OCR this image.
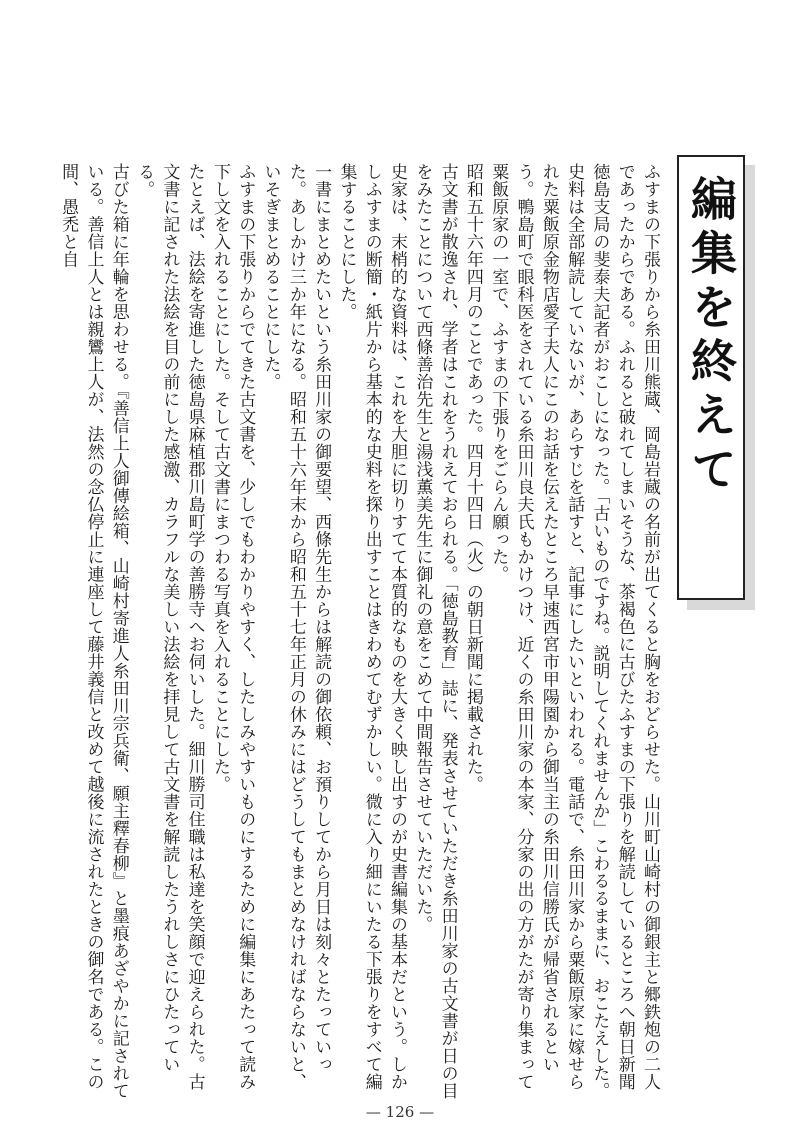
編集を終えて

ふすまの下張りから糸田川熊蔵、岡島岩蔵の名前が出てくると胸をおどらせた。山川町山崎村の御銀主と郷鉄炮の二人であったからである。ふれると破れてしまいそうな、茶褐色に古びたふすまの下張りを解読しているところへ朝日新聞徳島支局の斐泰夫記者がおこしになった。「古いものですね。説明してくれませんか」こわるるままに、おこたえした。

史料は全部解読していないが、あらすじを話すと、記事にしたいといわれる。電話で、糸田川家から粟飯原家に嫁せられた粟飯原金物店愛子夫人にこのお話を伝えたところ早速西宮市甲陽園から御当主の糸田川信勝氏が帰省されるという。鴨島町で眼科医をされている糸田川良夫氏もかけつけ、近くの糸田川家の本家、分家の出の方がたが寄り集まって粟飯原家の一室で、ふすまの下張りをごらん願った。

昭和五十六年四月のことであった。四月十四日（火）の朝日新聞に掲載された。

古文書が散逸され、学者はこれをうれえておられる。「徳島教育」誌に、発表させていただき糸田川家の古文書が日の目をみたことについて西條善治先生と湯浅薫美先生に御礼の意をこめて中間報告させていただいた。

史家は、末梢的な資料は、これを大胆に切りすてて本質的なものを大きく映し出すのが史書編集の基本だという。しかしふすまの断簡・紙片から基本的な史料を探り出すことはきわめてむずかしい。微に入り細にいたる下張りをすべて編集することにした。

一書にまとめたいという糸田川家の御要望、西條先生からは解読の御依頼、お預りしてから月日は刻々とたっていった。あしかけ三か年になる。昭和五十六年末から昭和五十七年正月の休みにはどうしてもまとめなければならないと、いそぎまとめることにした。

ふすまの下張りからでてきた古文書を、少しでもわかりやすく、したしみやすいものにするために編集にあたって読み下し文を入れることにした。そして古文書にまつわる写真を入れることにした。

たとえば、法絵を寄進した徳島県麻植郡川島町学の善勝寺へお伺いした。細川勝司住職は私達を笑顔で迎えられた。古文書に記された法絵を目の前にした感激、カラフルな美しい法絵を拝見して古文書を解読したうれしさにひたっている。

古びた箱に年輪を思わせる。『善信上人御傳絵箱、山崎村寄進人糸田川宗兵衛、願主釋春柳』と墨痕あざやかに記されている。善信上人とは親鸞上人が、法然の念仏停止に連座して藤井義信と改めて越後に流されたときの御名である。この間、愚禿と自

— 126 —
